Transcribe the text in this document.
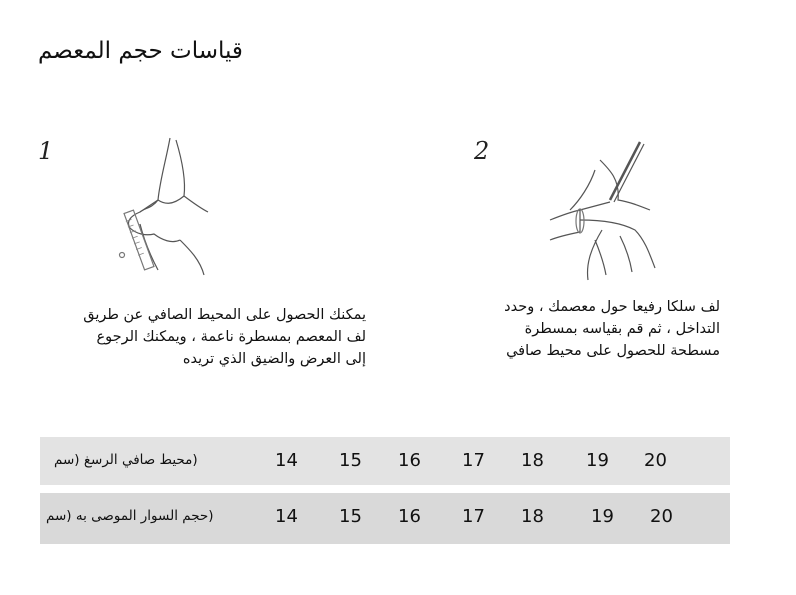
قياسات حجم المعصم
1
يمكنك الحصول على المحيط الصافي عن طريق
لف المعصم بمسطرة ناعمة ، ويمكنك الرجوع
إلى العرض والضيق الذي تريده
2
لف سلكا رفيعا حول معصمك ، وحدد
التداخل ، ثم قم بقياسه بمسطرة
مسطحة للحصول على محيط صافي
(محيط صافي الرسغ (سم	14 15 16 17 18 19 20
(حجم السوار الموصى به (سم	14 15 16 17 18	19 20
